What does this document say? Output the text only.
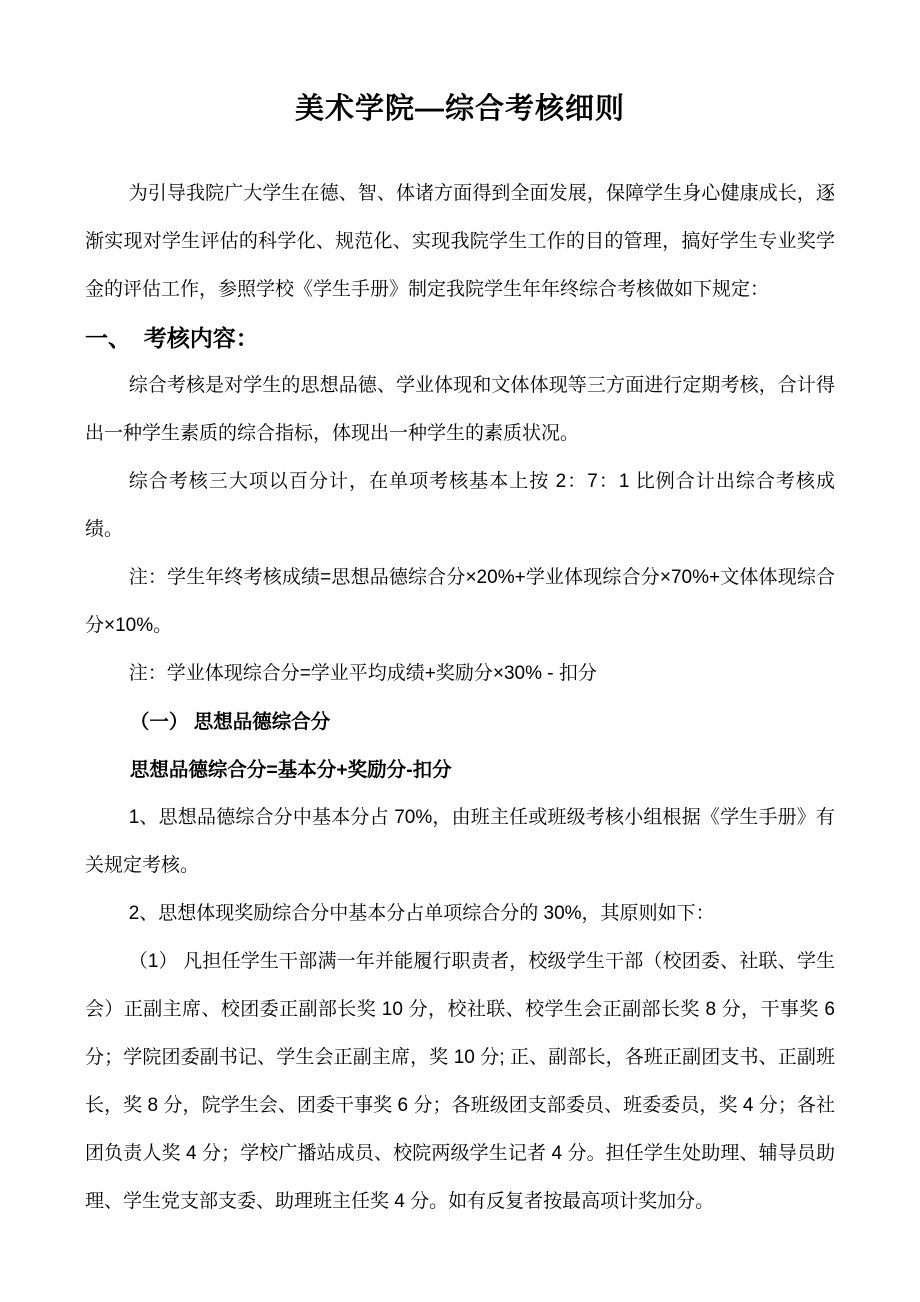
美术学院—综合考核细则

为引导我院广大学生在德、智、体诸方面得到全面发展，保障学生身心健康成长，逐渐实现对学生评估的科学化、规范化、实现我院学生工作的目的管理，搞好学生专业奖学金的评估工作，参照学校《学生手册》制定我院学生年年终综合考核做如下规定：

一、  考核内容：

综合考核是对学生的思想品德、学业体现和文体体现等三方面进行定期考核，合计得出一种学生素质的综合指标，体现出一种学生的素质状况。

综合考核三大项以百分计，在单项考核基本上按 2：7：1 比例合计出综合考核成绩。

注：学生年终考核成绩=思想品德综合分×20%+学业体现综合分×70%+文体体现综合分×10%。

注：学业体现综合分=学业平均成绩+奖励分×30% - 扣分

（一） 思想品德综合分

思想品德综合分=基本分+奖励分-扣分

1、思想品德综合分中基本分占 70%，由班主任或班级考核小组根据《学生手册》有关规定考核。

2、思想体现奖励综合分中基本分占单项综合分的 30%，其原则如下：

（1） 凡担任学生干部满一年并能履行职责者，校级学生干部（校团委、社联、学生会）正副主席、校团委正副部长奖 10 分，校社联、校学生会正副部长奖 8 分，干事奖 6 分；学院团委副书记、学生会正副主席，奖 10 分; 正、副部长，各班正副团支书、正副班长，奖 8 分，院学生会、团委干事奖 6 分；各班级团支部委员、班委委员，奖 4 分；各社团负责人奖 4 分；学校广播站成员、校院两级学生记者 4 分。担任学生处助理、辅导员助理、学生党支部支委、助理班主任奖 4 分。如有反复者按最高项计奖加分。
